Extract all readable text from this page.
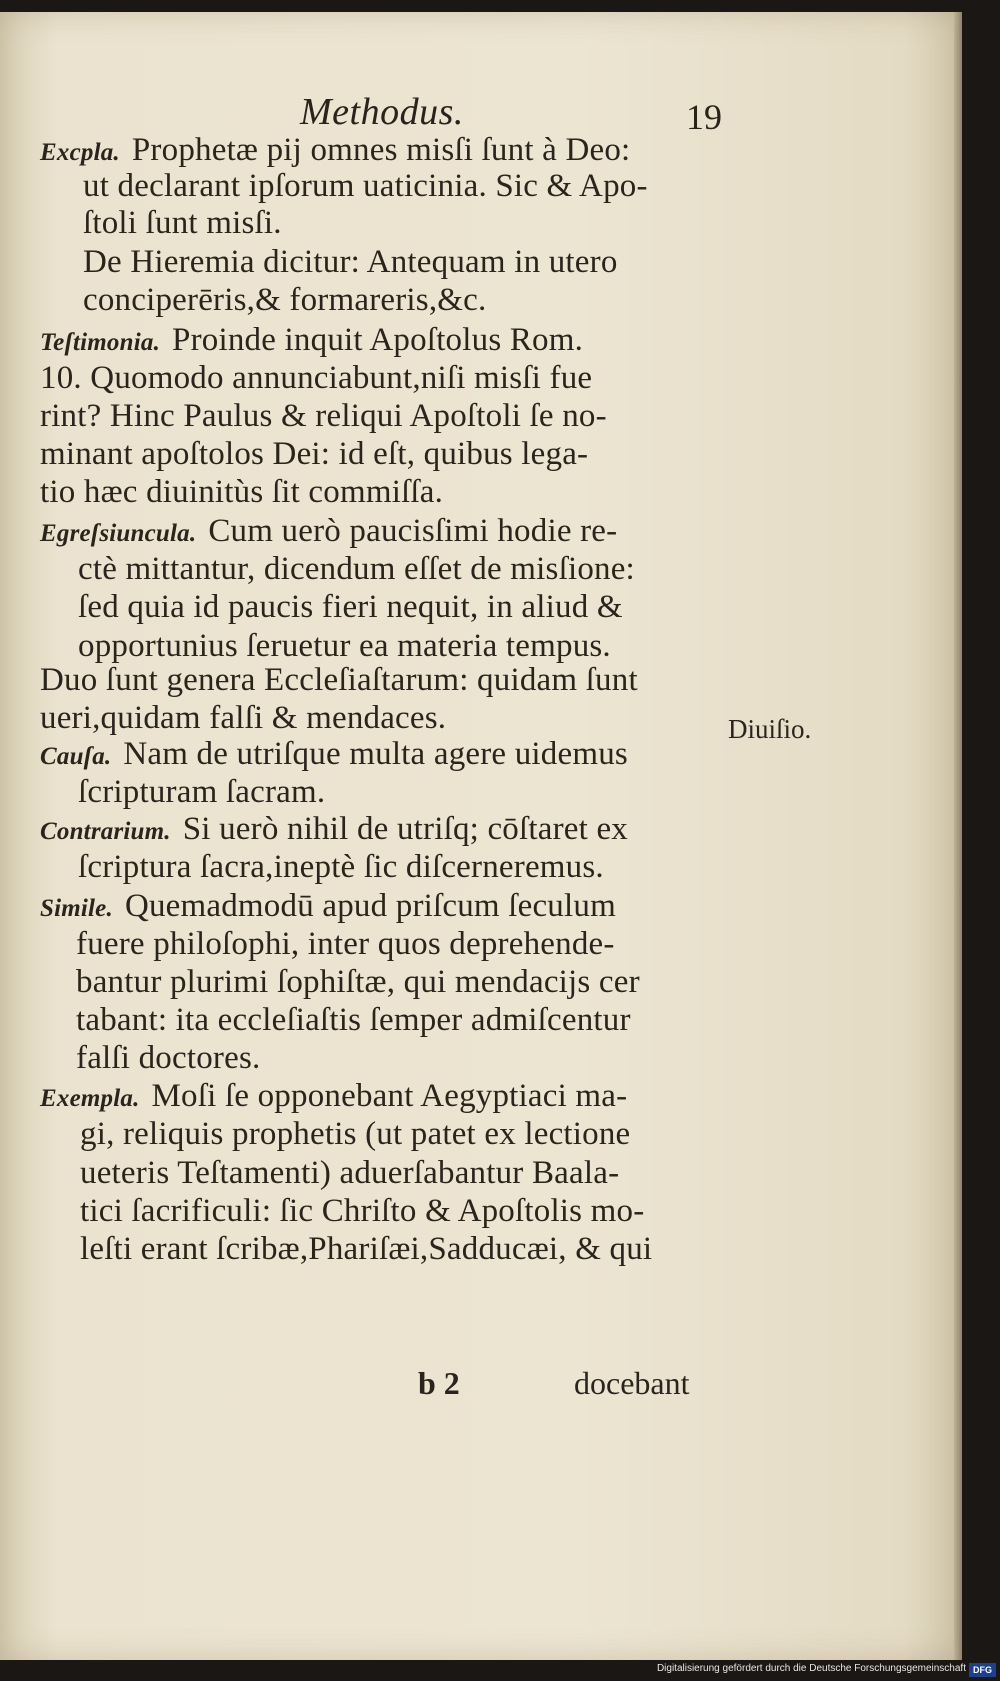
Methodus.	19
Excpla. Prophetæ pij omnes misſi ſunt à Deo:
ut declarant ipſorum uaticinia. Sic & Apo-
ſtoli ſunt misſi.
De Hieremia dicitur: Antequam in utero
conciperēris,& formareris,&c.
Teſtimonia. Proinde inquit Apoſtolus Rom.
10. Quomodo annunciabunt,niſi misſi fue
rint? Hinc Paulus & reliqui Apoſtoli ſe no-
minant apoſtolos Dei: id eſt, quibus lega-
tio hæc diuinitùs ſit commiſſa.
Egreſsiuncula. Cum uerò paucisſimi hodie re-
ctè mittantur, dicendum eſſet de misſione:
ſed quia id paucis fieri nequit, in aliud &
opportunius ſeruetur ea materia tempus.
Duo ſunt genera Eccleſiaſtarum: quidam ſunt
ueri,quidam falſi & mendaces.
Cauſa. Nam de utriſque multa agere uidemus
ſcripturam ſacram.
Contrarium. Si uerò nihil de utriſq; cōſtaret ex
ſcriptura ſacra,ineptè ſic diſcerneremus.
Simile. Quemadmodū apud priſcum ſeculum
fuere philoſophi, inter quos deprehende-
bantur plurimi ſophiſtæ, qui mendacijs cer
tabant: ita eccleſiaſtis ſemper admiſcentur
falſi doctores.
Exempla. Moſi ſe opponebant Aegyptiaci ma-
gi, reliquis prophetis (ut patet ex lectione
ueteris Teſtamenti) aduerſabantur Baala-
tici ſacrificuli: ſic Chriſto & Apoſtolis mo-
leſti erant ſcribæ,Phariſæi,Sadducæi, & qui
Diuiſio.
b 2	docebant
Digitalisierung gefördert durch die Deutsche Forschungsgemeinschaft DFG
